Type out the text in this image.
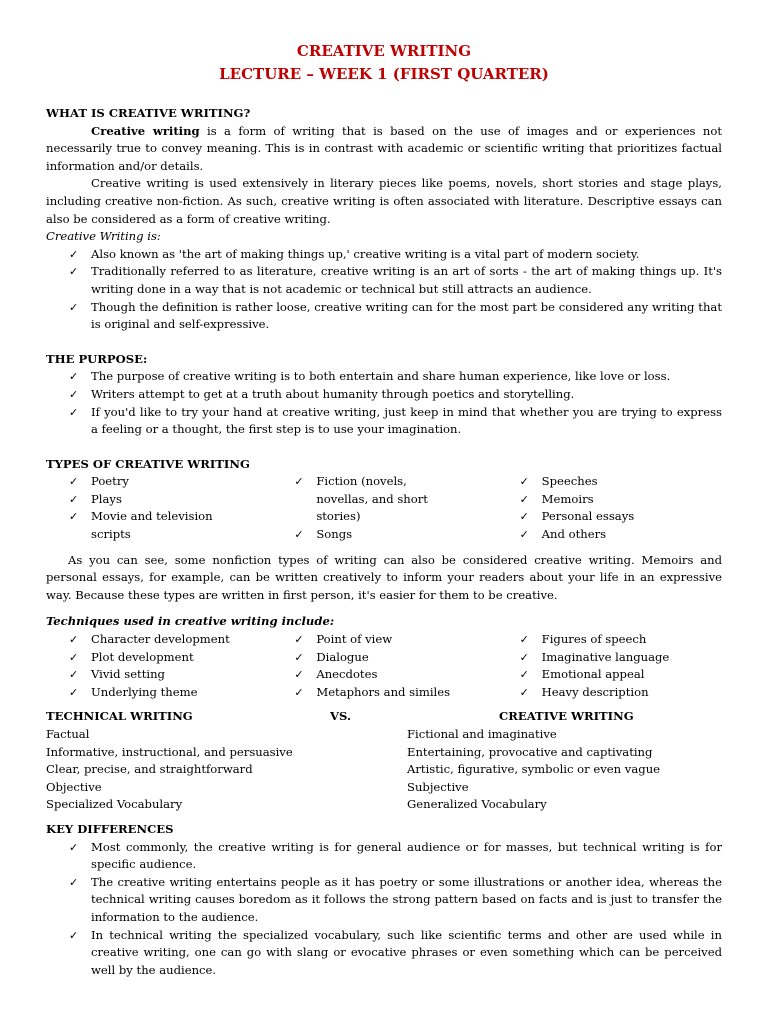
CREATIVE WRITING
LECTURE – WEEK 1 (FIRST QUARTER)
WHAT IS CREATIVE WRITING?
Creative writing is a form of writing that is based on the use of images and or experiences not necessarily true to convey meaning. This is in contrast with academic or scientific writing that prioritizes factual information and/or details.
Creative writing is used extensively in literary pieces like poems, novels, short stories and stage plays, including creative non-fiction. As such, creative writing is often associated with literature. Descriptive essays can also be considered as a form of creative writing.
Creative Writing is:
✓ Also known as 'the art of making things up,' creative writing is a vital part of modern society.
✓ Traditionally referred to as literature, creative writing is an art of sorts - the art of making things up. It's writing done in a way that is not academic or technical but still attracts an audience.
✓ Though the definition is rather loose, creative writing can for the most part be considered any writing that is original and self-expressive.
THE PURPOSE:
✓ The purpose of creative writing is to both entertain and share human experience, like love or loss.
✓ Writers attempt to get at a truth about humanity through poetics and storytelling.
✓ If you'd like to try your hand at creative writing, just keep in mind that whether you are trying to express a feeling or a thought, the first step is to use your imagination.
TYPES OF CREATIVE WRITING
✓ Poetry
✓ Plays
✓ Movie and television scripts
✓ Fiction (novels, novellas, and short stories)
✓ Songs
✓ Speeches
✓ Memoirs
✓ Personal essays
✓ And others
As you can see, some nonfiction types of writing can also be considered creative writing. Memoirs and personal essays, for example, can be written creatively to inform your readers about your life in an expressive way. Because these types are written in first person, it's easier for them to be creative.
Techniques used in creative writing include:
✓ Character development
✓ Plot development
✓ Vivid setting
✓ Underlying theme
✓ Point of view
✓ Dialogue
✓ Anecdotes
✓ Metaphors and similes
✓ Figures of speech
✓ Imaginative language
✓ Emotional appeal
✓ Heavy description
TECHNICAL WRITING	VS.	CREATIVE WRITING
Factual
Informative, instructional, and persuasive
Clear, precise, and straightforward
Objective
Specialized Vocabulary
Fictional and imaginative
Entertaining, provocative and captivating
Artistic, figurative, symbolic or even vague
Subjective
Generalized Vocabulary
KEY DIFFERENCES
✓ Most commonly, the creative writing is for general audience or for masses, but technical writing is for specific audience.
✓ The creative writing entertains people as it has poetry or some illustrations or another idea, whereas the technical writing causes boredom as it follows the strong pattern based on facts and is just to transfer the information to the audience.
✓ In technical writing the specialized vocabulary, such like scientific terms and other are used while in creative writing, one can go with slang or evocative phrases or even something which can be perceived well by the audience.
